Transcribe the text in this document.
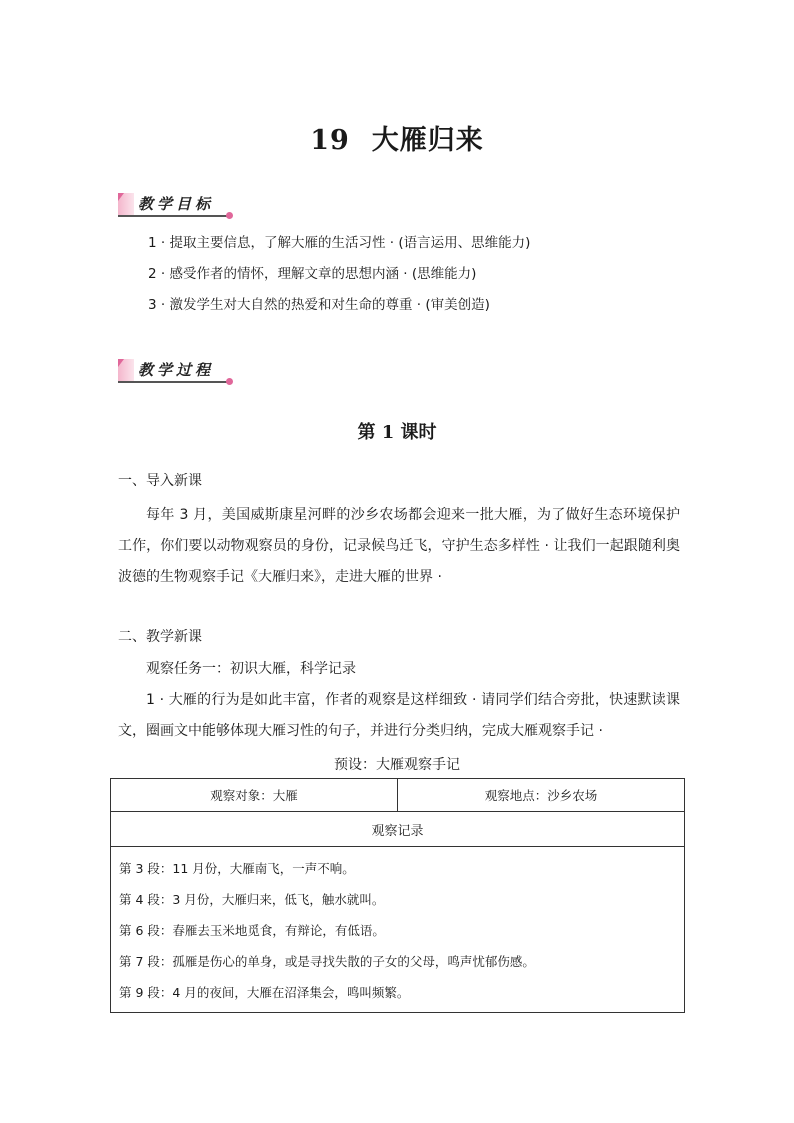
19 大雁归来
教学目标
1 · 提取主要信息，了解大雁的生活习性 · (语言运用、思维能力)
2 · 感受作者的情怀，理解文章的思想内涵 · (思维能力)
3 · 激发学生对大自然的热爱和对生命的尊重 · (审美创造)
教学过程
第 1 课时
一、导入新课
每年 3 月，美国威斯康星河畔的沙乡农场都会迎来一批大雁，为了做好生态环境保护工作，你们要以动物观察员的身份，记录候鸟迁飞，守护生态多样性 · 让我们一起跟随利奥波德的生物观察手记《大雁归来》，走进大雁的世界 ·
二、教学新课
观察任务一：初识大雁，科学记录
1 · 大雁的行为是如此丰富，作者的观察是这样细致 · 请同学们结合旁批，快速默读课文，圈画文中能够体现大雁习性的句子，并进行分类归纳，完成大雁观察手记 ·
预设：大雁观察手记
观察对象：大雁	观察地点：沙乡农场
观察记录

第 3 段：11 月份，大雁南飞，一声不响。
第 4 段：3 月份，大雁归来，低飞，触水就叫。
第 6 段：春雁去玉米地觅食，有辩论，有低语。
第 7 段：孤雁是伤心的单身，或是寻找失散的子女的父母，鸣声忧郁伤感。
第 9 段：4 月的夜间，大雁在沼泽集会，鸣叫频繁。
